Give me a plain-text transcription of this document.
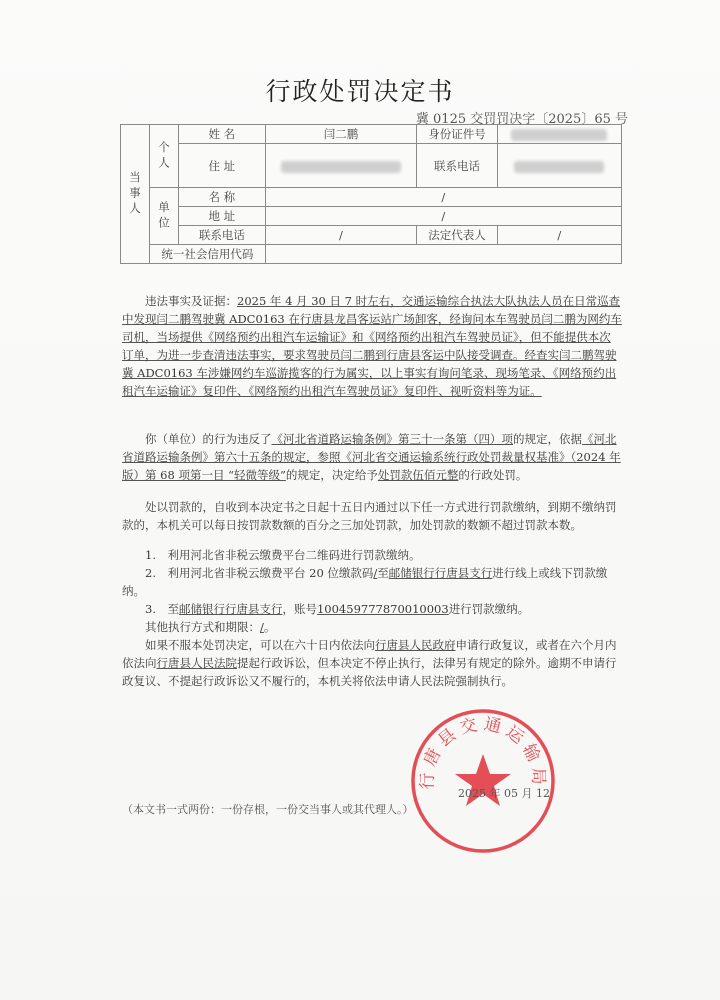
行政处罚决定书
冀 0125 交罚罚决字〔2025〕65 号
当事人	个人	姓 名	闫二鹏	身份证件号	
		住 址		联系电话	
	单位	名 称	/		
		地 址	/		
		联系电话	/	法定代表人	/
	统一社会信用代码				

违法事实及证据：2025 年 4 月 30 日 7 时左右，交通运输综合执法大队执法人员在日常巡查中发现闫二鹏驾驶冀 ADC0163 在行唐县龙昌客运站广场卸客，经询问本车驾驶员闫二鹏为网约车司机，当场提供《网络预约出租汽车运输证》和《网络预约出租汽车驾驶员证》，但不能提供本次订单，为进一步查清违法事实，要求驾驶员闫二鹏到行唐县客运中队接受调查。经查实闫二鹏驾驶冀 ADC0163 车涉嫌网约车巡游揽客的行为属实，以上事实有询问笔录、现场笔录、《网络预约出租汽车运输证》复印件、《网络预约出租汽车驾驶员证》复印件、视听资料等为证。

你（单位）的行为违反了《河北省道路运输条例》第三十一条第（四）项的规定，依据《河北省道路运输条例》第六十五条的规定，参照《河北省交通运输系统行政处罚裁量权基准》（2024 年版）第 68 项第一目 “轻微等级”的规定，决定给予处罚款伍佰元整的行政处罚。

处以罚款的，自收到本决定书之日起十五日内通过以下任一方式进行罚款缴纳，到期不缴纳罚款的，本机关可以每日按罚款数额的百分之三加处罚款，加处罚款的数额不超过罚款本数。

1.　利用河北省非税云缴费平台二维码进行罚款缴纳。

2.　利用河北省非税云缴费平台 20 位缴款码/至邮储银行行唐县支行进行线上或线下罚款缴纳。

3.　至邮储银行行唐县支行，账号100459777870010003进行罚款缴纳。

其他执行方式和期限：/。

如果不服本处罚决定，可以在六十日内依法向行唐县人民政府申请行政复议，或者在六个月内依法向行唐县人民法院提起行政诉讼，但本决定不停止执行，法律另有规定的除外。逾期不申请行政复议、不提起行政诉讼又不履行的，本机关将依法申请人民法院强制执行。

行唐县交通运输局
2025 年 05 月 12
（本文书一式两份：一份存根，一份交当事人或其代理人。）
